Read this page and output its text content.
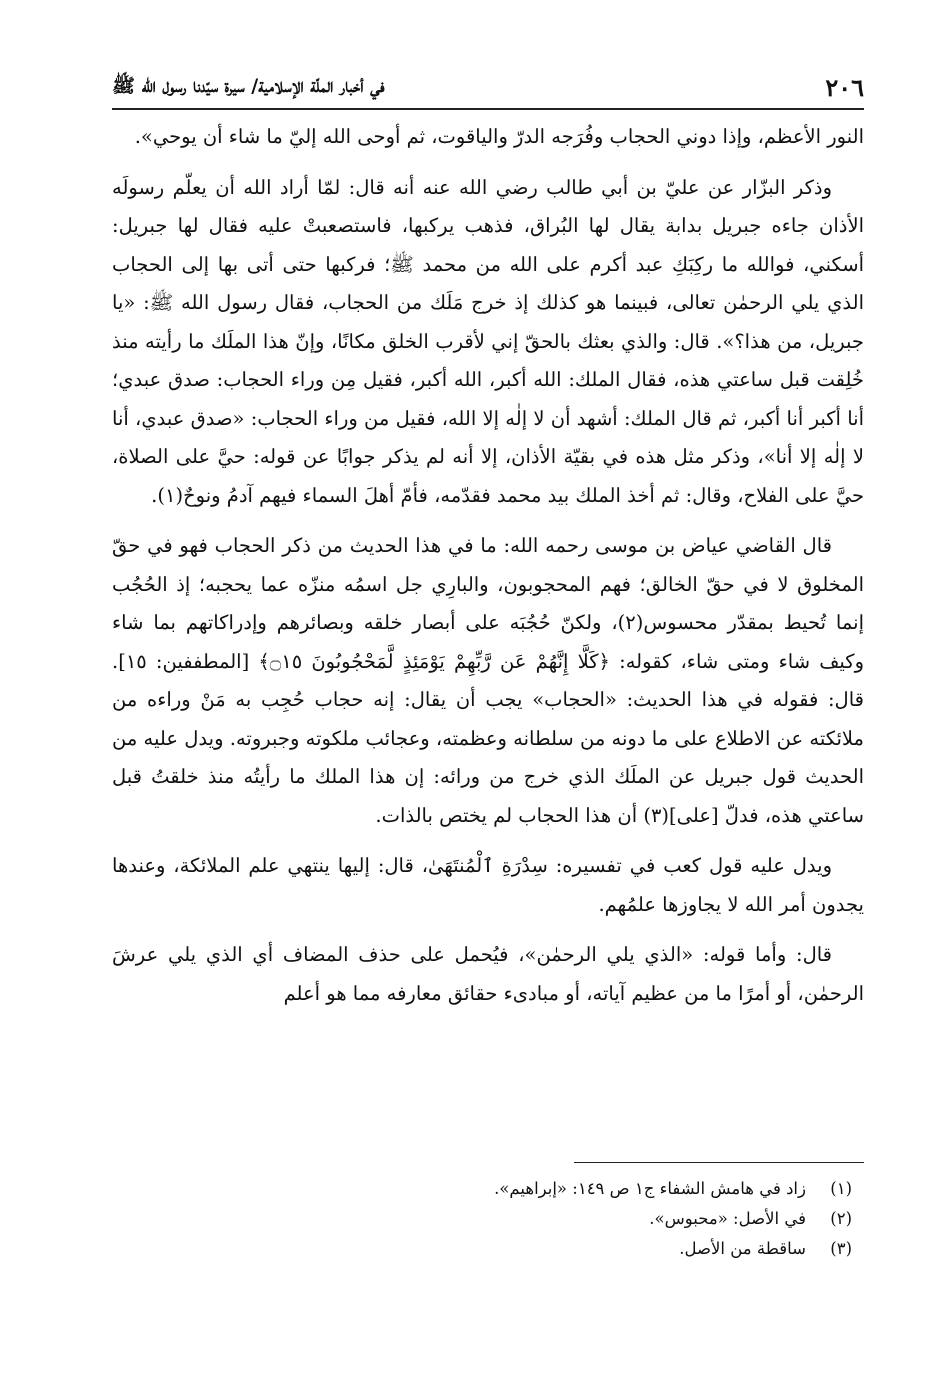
٢٠٦
في أخبار الملّة الإسلامية/ سيرة سيّدنا رسول الله ﷺ

النور الأعظم، وإذا دوني الحجاب وفُرَجه الدرّ والياقوت، ثم أوحى الله إليّ ما شاء أن يوحي».

وذكر البزّار عن عليّ بن أبي طالب رضي الله عنه أنه قال: لمّا أراد الله أن يعلّم رسولَه الأذان جاءه جبريل بدابة يقال لها البُراق، فذهب يركبها، فاستصعبتْ عليه فقال لها جبريل: أسكني، فوالله ما ركِبَكِ عبد أكرم على الله من محمد ﷺ؛ فركبها حتى أتى بها إلى الحجاب الذي يلي الرحمٰن تعالى، فبينما هو كذلك إذ خرج مَلَك من الحجاب، فقال رسول الله ﷺ: «يا جبريل، من هذا؟». قال: والذي بعثك بالحقّ إني لأقرب الخلق مكانًا، وإنّ هذا الملَك ما رأيته منذ خُلِقت قبل ساعتي هذه، فقال الملك: الله أكبر، الله أكبر، فقيل مِن وراء الحجاب: صدق عبدي؛ أنا أكبر أنا أكبر، ثم قال الملك: أشهد أن لا إلٰه إلا الله، فقيل من وراء الحجاب: «صدق عبدي، أنا لا إلٰه إلا أنا»، وذكر مثل هذه في بقيّة الأذان، إلا أنه لم يذكر جوابًا عن قوله: حيَّ على الصلاة، حيَّ على الفلاح، وقال: ثم أخذ الملك بيد محمد فقدّمه، فأمّ أهلَ السماء فيهم آدمُ ونوحٌ(١).

قال القاضي عياض بن موسى رحمه الله: ما في هذا الحديث من ذكر الحجاب فهو في حقّ المخلوق لا في حقّ الخالق؛ فهم المحجوبون، والبارِي جل اسمُه منزّه عما يحجبه؛ إذ الحُجُب إنما تُحيط بمقدّر محسوس(٢)، ولكنّ حُجُبَه على أبصار خلقه وبصائرهم وإدراكاتهم بما شاء وكيف شاء ومتى شاء، كقوله: ﴿كَلَّا إِنَّهُمْ عَن رَّبِّهِمْ يَوْمَئِذٍ لَّمَحْجُوبُونَ ۝١٥﴾ [المطففين: ١٥]. قال: فقوله في هذا الحديث: «الحجاب» يجب أن يقال: إنه حجاب حُجِب به مَنْ وراءه من ملائكته عن الاطلاع على ما دونه من سلطانه وعظمته، وعجائب ملكوته وجبروته. ويدل عليه من الحديث قول جبريل عن الملَك الذي خرج من ورائه: إن هذا الملك ما رأيتُه منذ خلقتُ قبل ساعتي هذه، فدلّ [على](٣) أن هذا الحجاب لم يختص بالذات.

ويدل عليه قول كعب في تفسيره: سِدْرَةِ ٱلْمُنتَهَىٰ، قال: إليها ينتهي علم الملائكة، وعندها يجدون أمر الله لا يجاوزها علمُهم.

قال: وأما قوله: «الذي يلي الرحمٰن»، فيُحمل على حذف المضاف أي الذي يلي عرشَ الرحمٰن، أو أمرًا ما من عظيم آياته، أو مبادىء حقائق معارفه مما هو أعلم

(١)
زاد في هامش الشفاء ج١ ص ١٤٩: «إبراهيم».
(٢)
في الأصل: «محبوس».
(٣)
ساقطة من الأصل.
